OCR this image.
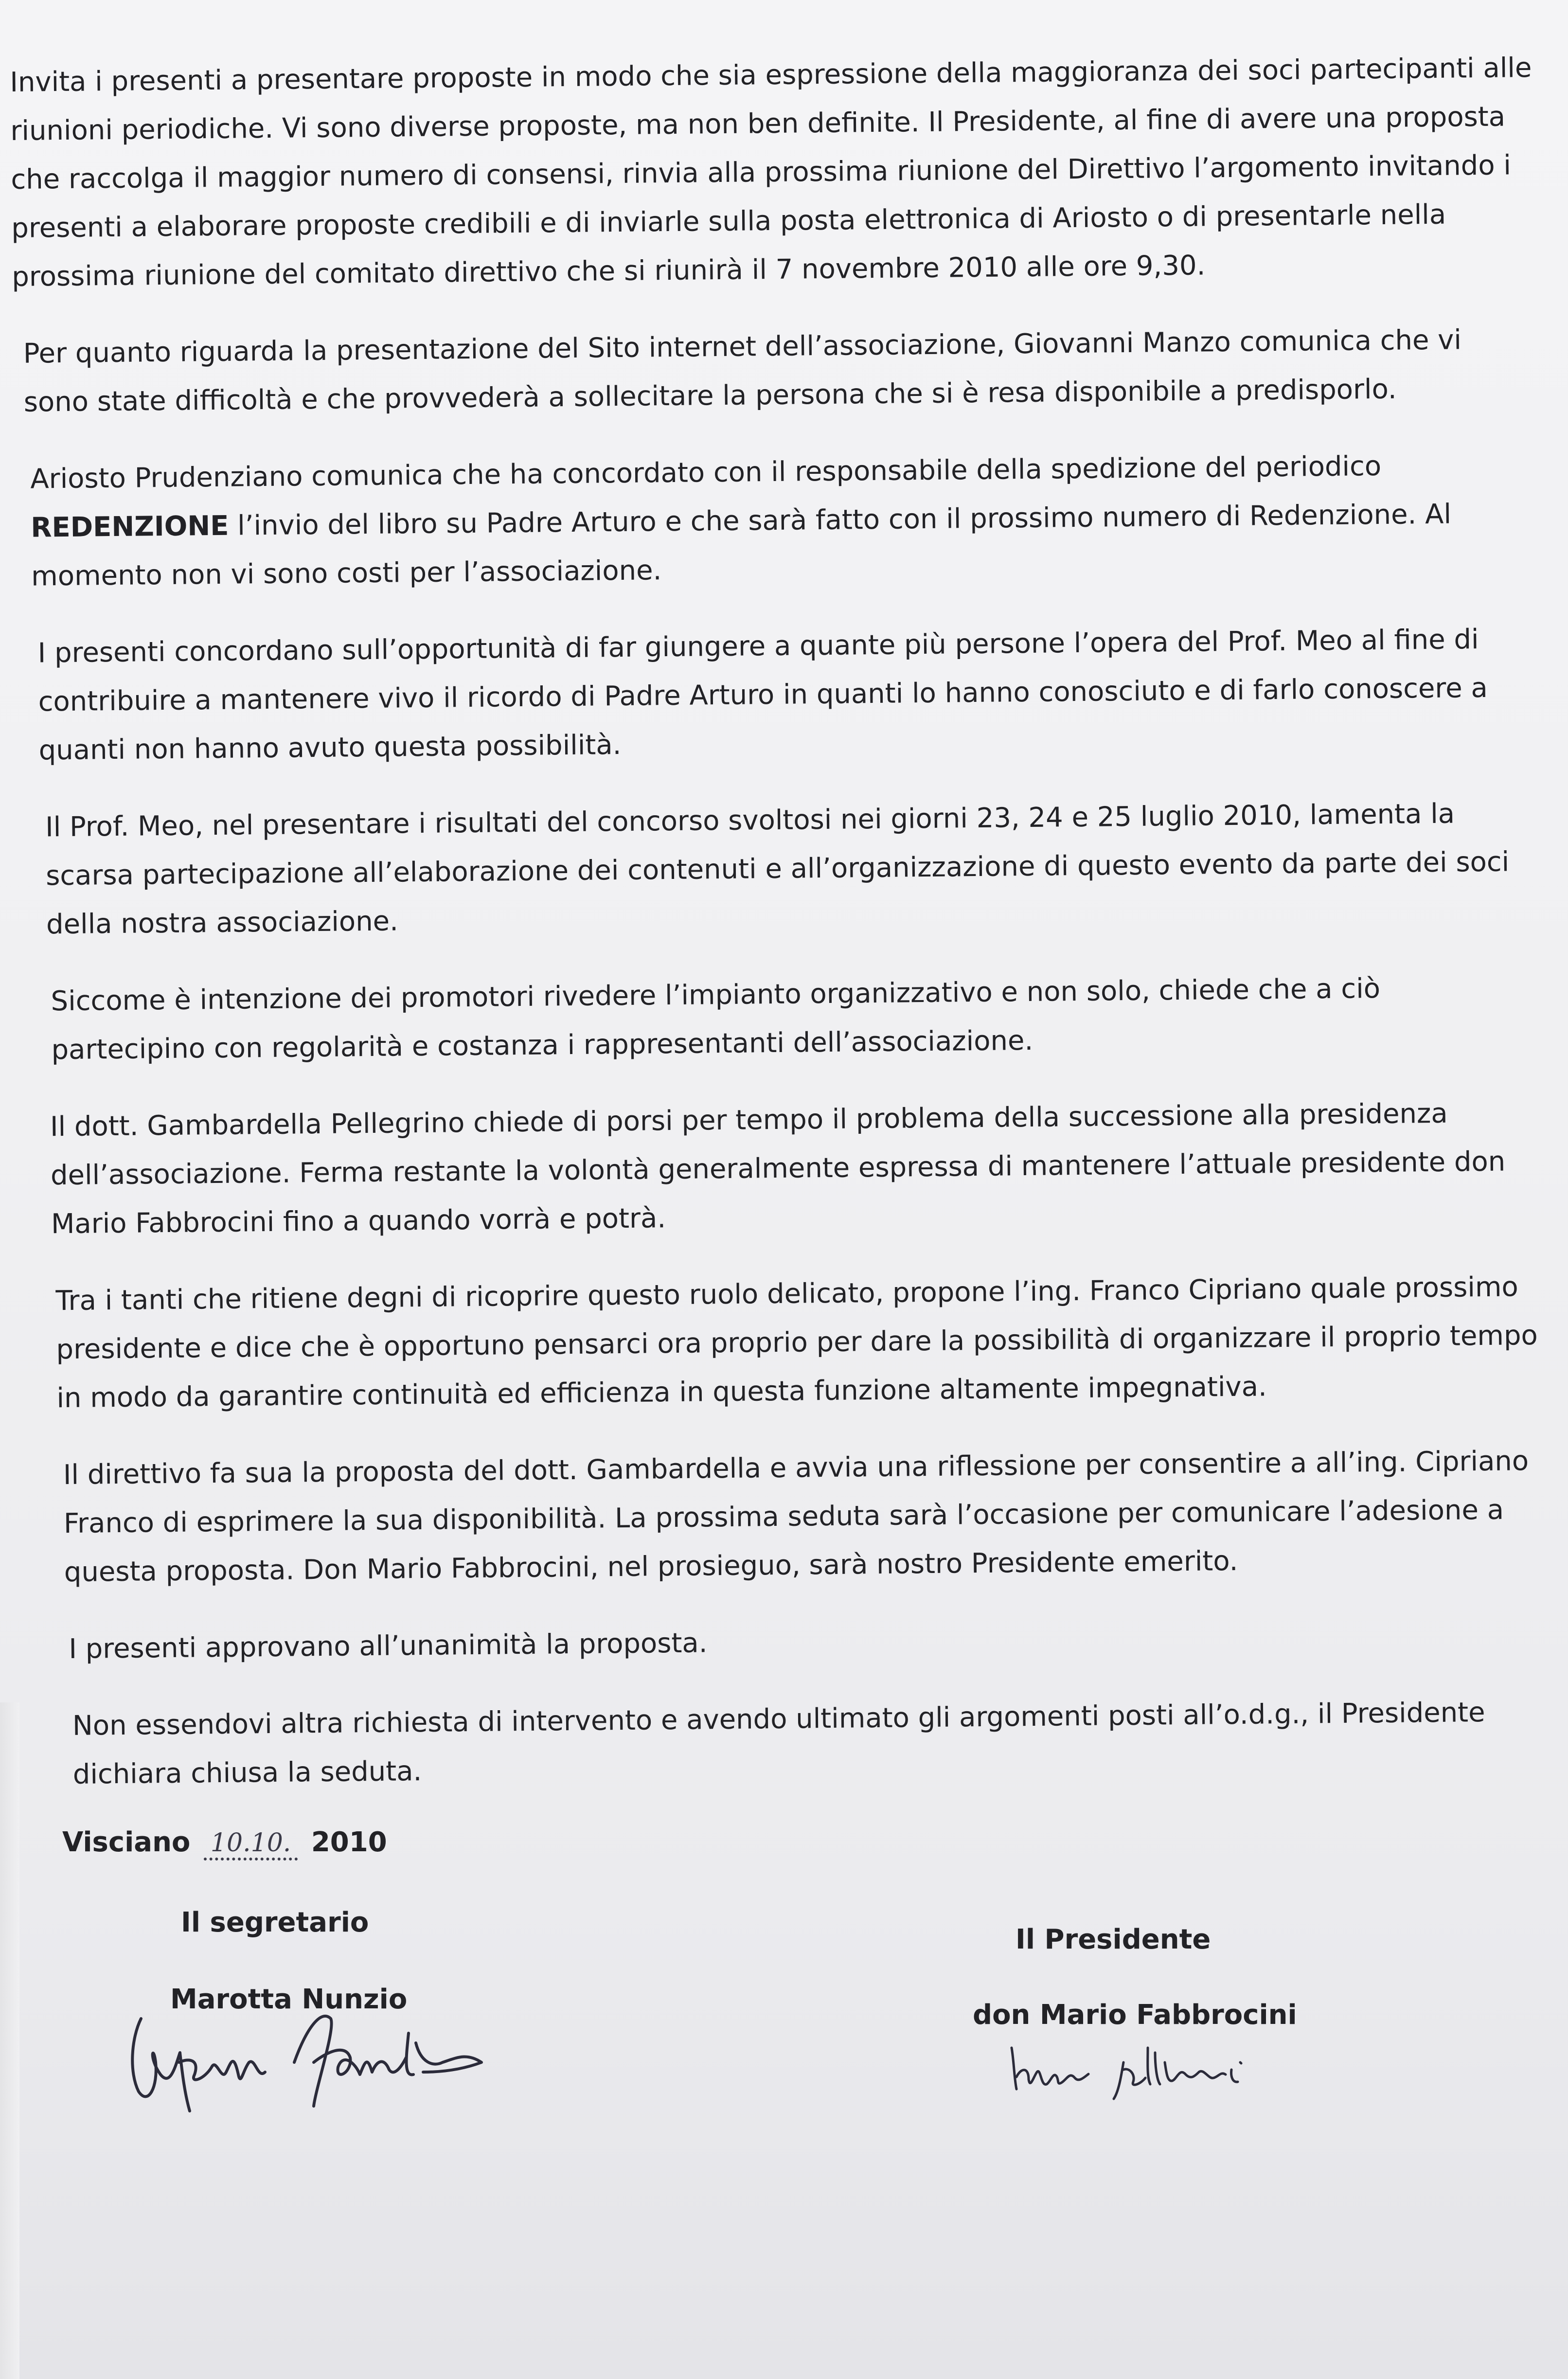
Invita i presenti a presentare proposte in modo che sia espressione della maggioranza dei soci partecipanti alle riunioni periodiche. Vi sono diverse proposte, ma non ben definite. Il Presidente, al fine di avere una proposta che raccolga il maggior numero di consensi, rinvia alla prossima riunione del Direttivo l’argomento invitando i presenti a elaborare proposte credibili e di inviarle sulla posta elettronica di Ariosto o di presentarle nella prossima riunione del comitato direttivo che si riunirà il 7 novembre 2010 alle ore 9,30.

Per quanto riguarda la presentazione del Sito internet dell’associazione, Giovanni Manzo comunica che vi sono state difficoltà e che provvederà a sollecitare la persona che si è resa disponibile a predisporlo.

Ariosto Prudenziano comunica che ha concordato con il responsabile della spedizione del periodico REDENZIONE l’invio del libro su Padre Arturo e che sarà fatto con il prossimo numero di Redenzione. Al momento non vi sono costi per l’associazione.

I presenti concordano sull’opportunità di far giungere a quante più persone l’opera del Prof. Meo al fine di contribuire a mantenere vivo il ricordo di Padre Arturo in quanti lo hanno conosciuto e di farlo conoscere a quanti non hanno avuto questa possibilità.

Il Prof. Meo, nel presentare i risultati del concorso svoltosi nei giorni 23, 24 e 25 luglio 2010, lamenta la scarsa partecipazione all’elaborazione dei contenuti e all’organizzazione di questo evento da parte dei soci della nostra associazione.

Siccome è intenzione dei promotori rivedere l’impianto organizzativo e non solo, chiede che a ciò partecipino con regolarità e costanza i rappresentanti dell’associazione.

Il dott. Gambardella Pellegrino chiede di porsi per tempo il problema della successione alla presidenza dell’associazione. Ferma restante la volontà generalmente espressa di mantenere l’attuale presidente don Mario Fabbrocini fino a quando vorrà e potrà.

Tra i tanti che ritiene degni di ricoprire questo ruolo delicato, propone l’ing. Franco Cipriano quale prossimo presidente e dice che è opportuno pensarci ora proprio per dare la possibilità di organizzare il proprio tempo in modo da garantire continuità ed efficienza in questa funzione altamente impegnativa.

Il direttivo fa sua la proposta del dott. Gambardella e avvia una riflessione per consentire a all’ing. Cipriano Franco di esprimere la sua disponibilità. La prossima seduta sarà l’occasione per comunicare l’adesione a questa proposta. Don Mario Fabbrocini, nel prosieguo, sarà nostro Presidente emerito.

I presenti approvano all’unanimità la proposta.

Non essendovi altra richiesta di intervento e avendo ultimato gli argomenti posti all’o.d.g., il Presidente dichiara chiusa la seduta.

Visciano 10.10. 2010
Il segretario
Marotta Nunzio
Il Presidente
don Mario Fabbrocini
